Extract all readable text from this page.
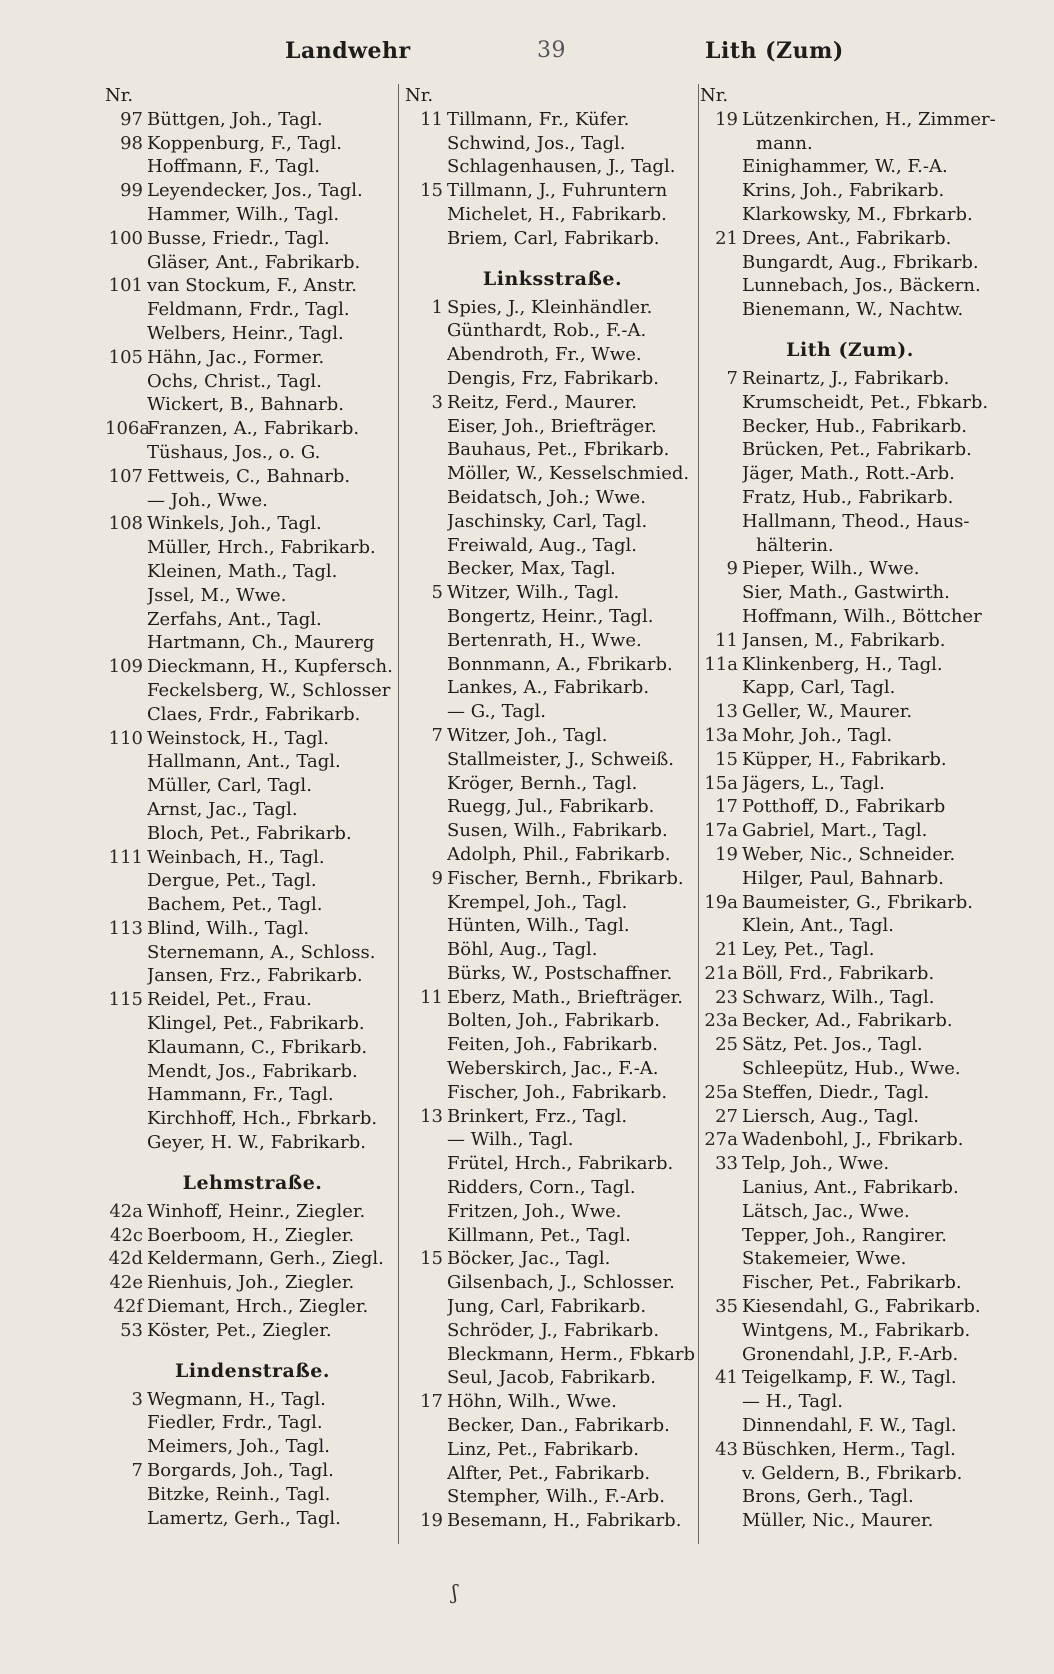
Landwehr	39	Lith (Zum)
Nr.
97 Büttgen, Joh., Tagl.
98 Koppenburg, F., Tagl.
Hoffmann, F., Tagl.
99 Leyendecker, Jos., Tagl.
Hammer, Wilh., Tagl.
100 Busse, Friedr., Tagl.
Gläser, Ant., Fabrikarb.
101 van Stockum, F., Anstr.
Feldmann, Frdr., Tagl.
Welbers, Heinr., Tagl.
105 Hähn, Jac., Former.
Ochs, Christ., Tagl.
Wickert, B., Bahnarb.
106a
Franzen, A., Fabrikarb.
Tüshaus, Jos., o. G.
107 Fettweis, C., Bahnarb.
— Joh., Wwe.
108 Winkels, Joh., Tagl.
Müller, Hrch., Fabrikarb.
Kleinen, Math., Tagl.
Jssel, M., Wwe.
Zerfahs, Ant., Tagl.
Hartmann, Ch., Maurerg
109 Dieckmann, H., Kupfersch.
Feckelsberg, W., Schlosser
Claes, Frdr., Fabrikarb.
110 Weinstock, H., Tagl.
Hallmann, Ant., Tagl.
Müller, Carl, Tagl.
Arnst, Jac., Tagl.
Bloch, Pet., Fabrikarb.
111 Weinbach, H., Tagl.
Dergue, Pet., Tagl.
Bachem, Pet., Tagl.
113 Blind, Wilh., Tagl.
Sternemann, A., Schloss.
Jansen, Frz., Fabrikarb.
115 Reidel, Pet., Frau.
Klingel, Pet., Fabrikarb.
Klaumann, C., Fbrikarb.
Mendt, Jos., Fabrikarb.
Hammann, Fr., Tagl.
Kirchhoff, Hch., Fbrkarb.
Geyer, H. W., Fabrikarb.
Lehmstraße.
42a Winhoff, Heinr., Ziegler.
42c Boerboom, H., Ziegler.
42d Keldermann, Gerh., Ziegl.
42e Rienhuis, Joh., Ziegler.
42f Diemant, Hrch., Ziegler.
53 Köster, Pet., Ziegler.
Lindenstraße.
3 Wegmann, H., Tagl.
Fiedler, Frdr., Tagl.
Meimers, Joh., Tagl.
7 Borgards, Joh., Tagl.
Bitzke, Reinh., Tagl.
Lamertz, Gerh., Tagl.
Nr.
11 Tillmann, Fr., Küfer.
Schwind, Jos., Tagl.
Schlagenhausen, J., Tagl.
15 Tillmann, J., Fuhruntern
Michelet, H., Fabrikarb.
Briem, Carl, Fabrikarb.
Linksstraße.
1 Spies, J., Kleinhändler.
Günthardt, Rob., F.-A.
Abendroth, Fr., Wwe.
Dengis, Frz, Fabrikarb.
3 Reitz, Ferd., Maurer.
Eiser, Joh., Briefträger.
Bauhaus, Pet., Fbrikarb.
Möller, W., Kesselschmied.
Beidatsch, Joh.; Wwe.
Jaschinsky, Carl, Tagl.
Freiwald, Aug., Tagl.
Becker, Max, Tagl.
5 Witzer, Wilh., Tagl.
Bongertz, Heinr., Tagl.
Bertenrath, H., Wwe.
Bonnmann, A., Fbrikarb.
Lankes, A., Fabrikarb.
— G., Tagl.
7 Witzer, Joh., Tagl.
Stallmeister, J., Schweiß.
Kröger, Bernh., Tagl.
Ruegg, Jul., Fabrikarb.
Susen, Wilh., Fabrikarb.
Adolph, Phil., Fabrikarb.
9 Fischer, Bernh., Fbrikarb.
Krempel, Joh., Tagl.
Hünten, Wilh., Tagl.
Böhl, Aug., Tagl.
Bürks, W., Postschaffner.
11 Eberz, Math., Briefträger.
Bolten, Joh., Fabrikarb.
Feiten, Joh., Fabrikarb.
Weberskirch, Jac., F.-A.
Fischer, Joh., Fabrikarb.
13 Brinkert, Frz., Tagl.
— Wilh., Tagl.
Frütel, Hrch., Fabrikarb.
Ridders, Corn., Tagl.
Fritzen, Joh., Wwe.
Killmann, Pet., Tagl.
15 Böcker, Jac., Tagl.
Gilsenbach, J., Schlosser.
Jung, Carl, Fabrikarb.
Schröder, J., Fabrikarb.
Bleckmann, Herm., Fbkarb
Seul, Jacob, Fabrikarb.
17 Höhn, Wilh., Wwe.
Becker, Dan., Fabrikarb.
Linz, Pet., Fabrikarb.
Alfter, Pet., Fabrikarb.
Stempher, Wilh., F.-Arb.
19 Besemann, H., Fabrikarb.
Nr.
19 Lützenkirchen, H., Zimmer-
mann.
Einighammer, W., F.-A.
Krins, Joh., Fabrikarb.
Klarkowsky, M., Fbrkarb.
21 Drees, Ant., Fabrikarb.
Bungardt, Aug., Fbrikarb.
Lunnebach, Jos., Bäckern.
Bienemann, W., Nachtw.
Lith (Zum).
7 Reinartz, J., Fabrikarb.
Krumscheidt, Pet., Fbkarb.
Becker, Hub., Fabrikarb.
Brücken, Pet., Fabrikarb.
Jäger, Math., Rott.-Arb.
Fratz, Hub., Fabrikarb.
Hallmann, Theod., Haus-
hälterin.
9 Pieper, Wilh., Wwe.
Sier, Math., Gastwirth.
Hoffmann, Wilh., Böttcher
11 Jansen, M., Fabrikarb.
11a Klinkenberg, H., Tagl.
Kapp, Carl, Tagl.
13 Geller, W., Maurer.
13a Mohr, Joh., Tagl.
15 Küpper, H., Fabrikarb.
15a Jägers, L., Tagl.
17 Potthoff, D., Fabrikarb
17a Gabriel, Mart., Tagl.
19 Weber, Nic., Schneider.
Hilger, Paul, Bahnarb.
19a Baumeister, G., Fbrikarb.
Klein, Ant., Tagl.
21 Ley, Pet., Tagl.
21a Böll, Frd., Fabrikarb.
23 Schwarz, Wilh., Tagl.
23a Becker, Ad., Fabrikarb.
25 Sätz, Pet. Jos., Tagl.
Schleepütz, Hub., Wwe.
25a Steffen, Diedr., Tagl.
27 Liersch, Aug., Tagl.
27a Wadenbohl, J., Fbrikarb.
33 Telp, Joh., Wwe.
Lanius, Ant., Fabrikarb.
Lätsch, Jac., Wwe.
Tepper, Joh., Rangirer.
Stakemeier, Wwe.
Fischer, Pet., Fabrikarb.
35 Kiesendahl, G., Fabrikarb.
Wintgens, M., Fabrikarb.
Gronendahl, J.P., F.-Arb.
41 Teigelkamp, F. W., Tagl.
— H., Tagl.
Dinnendahl, F. W., Tagl.
43 Büschken, Herm., Tagl.
v. Geldern, B., Fbrikarb.
Brons, Gerh., Tagl.
Müller, Nic., Maurer.
ʃ
